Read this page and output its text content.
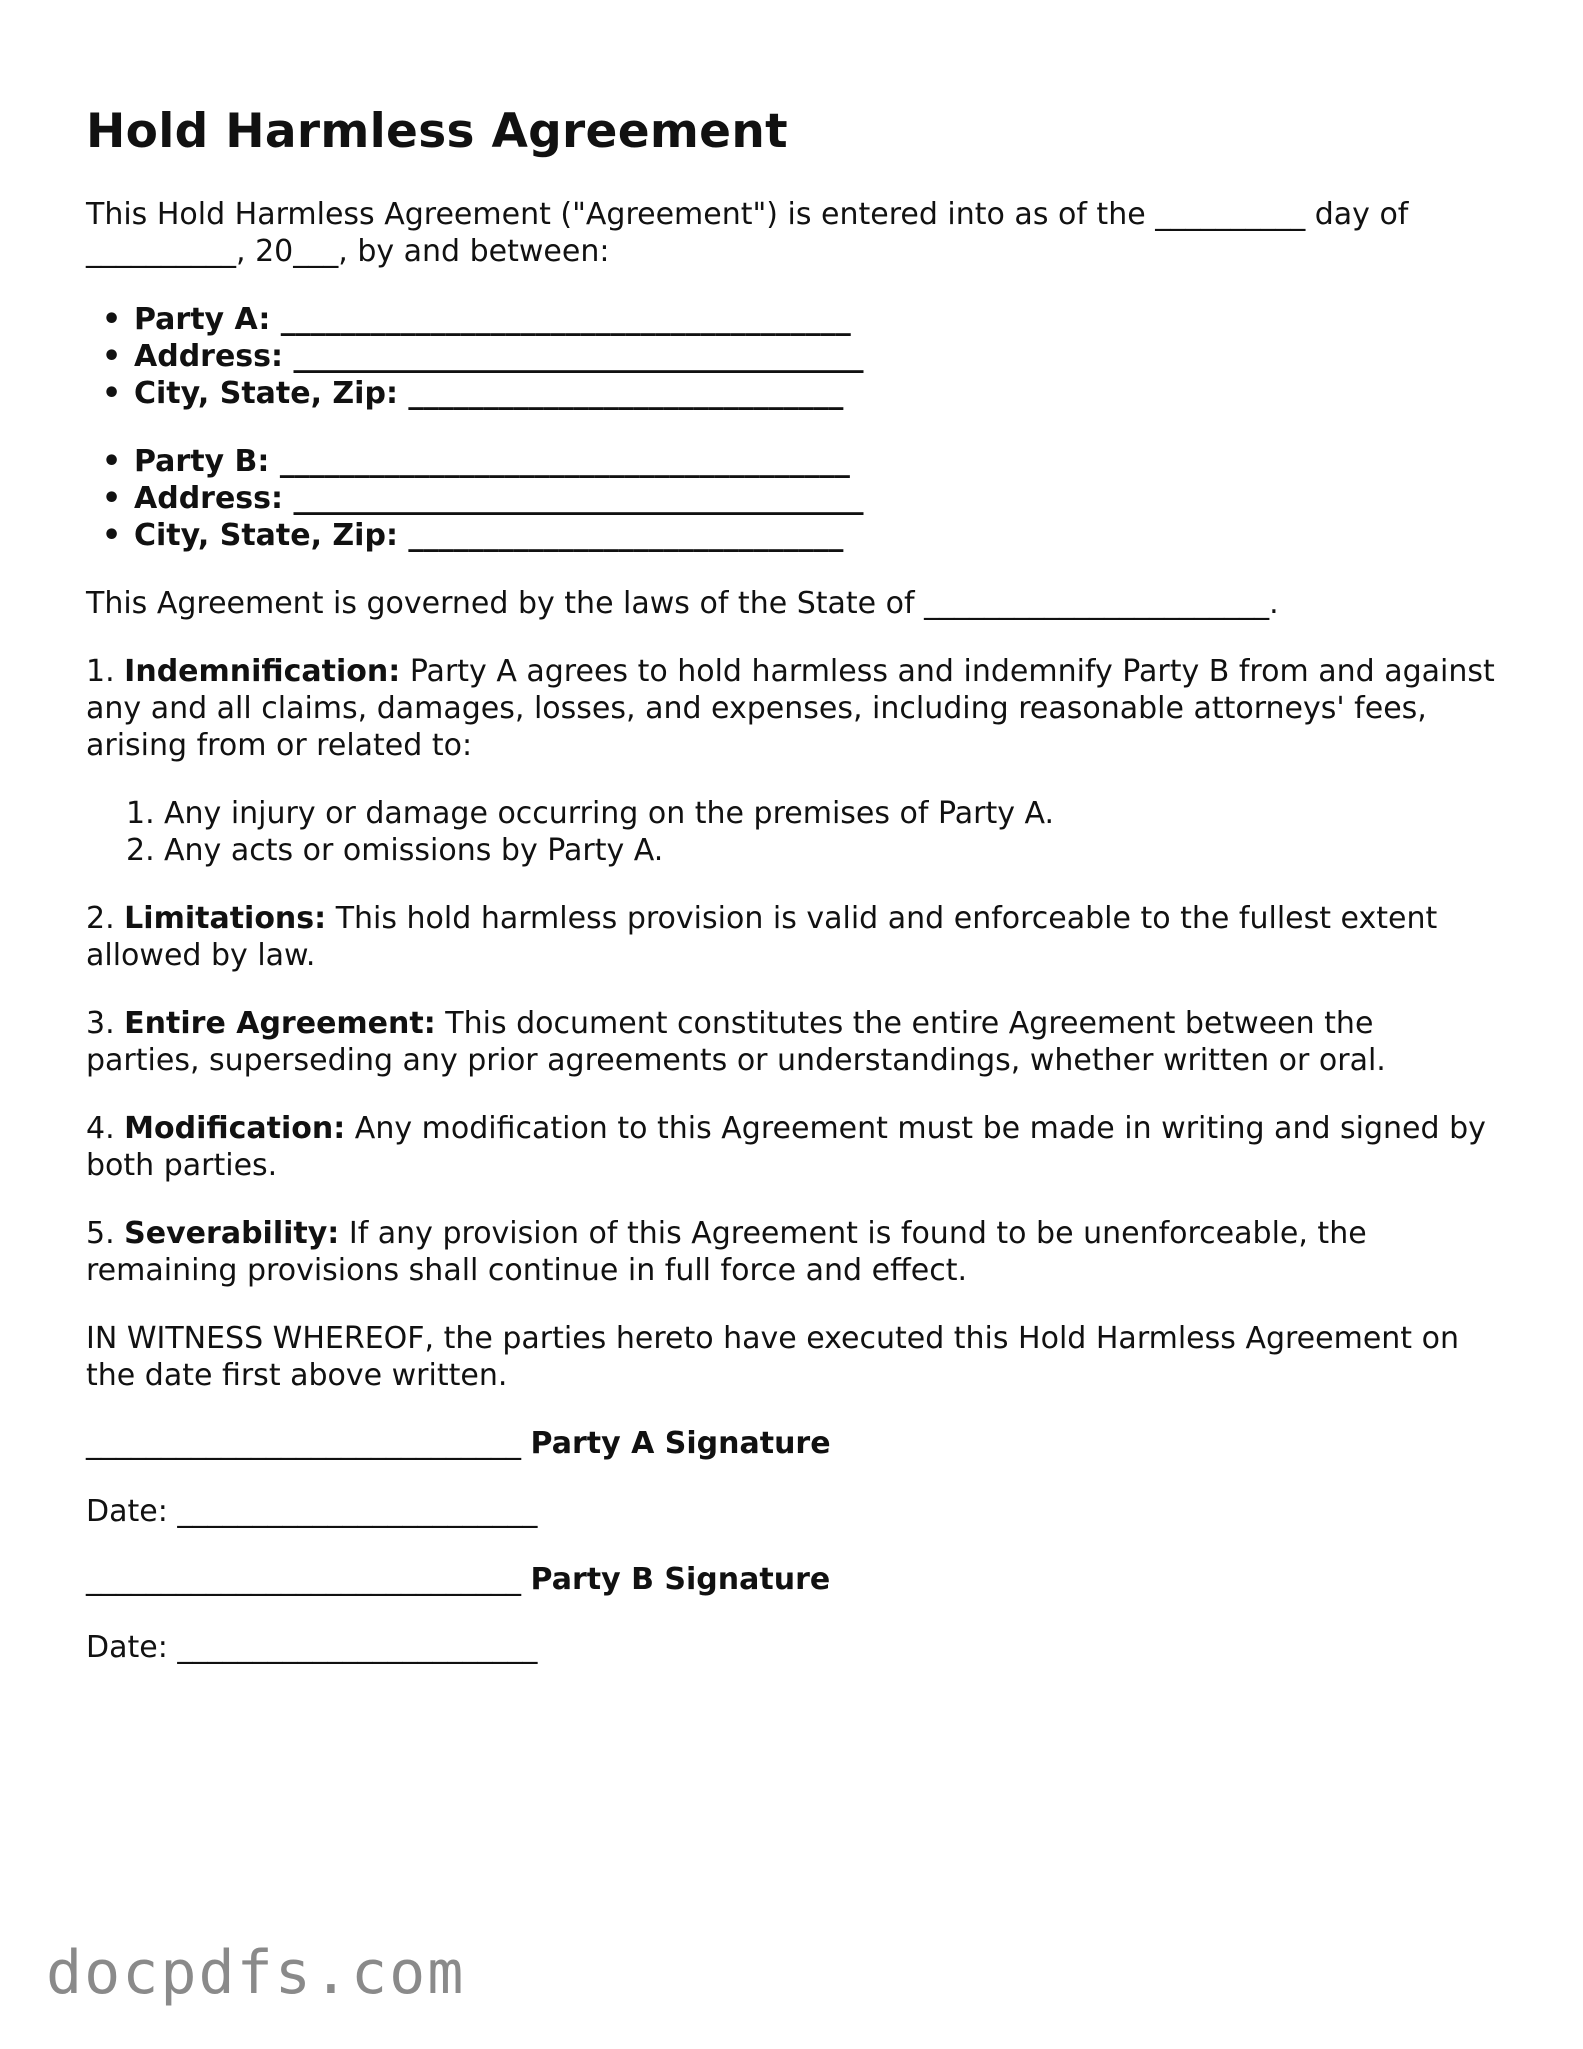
Hold Harmless Agreement

This Hold Harmless Agreement ("Agreement") is entered into as of the __________ day of __________, 20___, by and between:

• Party A: ______________________________________
• Address: ______________________________________
• City, State, Zip: _____________________________
• Party B: ______________________________________
• Address: ______________________________________
• City, State, Zip: _____________________________

This Agreement is governed by the laws of the State of _______________________.

1. Indemnification: Party A agrees to hold harmless and indemnify Party B from and against any and all claims, damages, losses, and expenses, including reasonable attorneys' fees, arising from or related to:

1. Any injury or damage occurring on the premises of Party A.
2. Any acts or omissions by Party A.

2. Limitations: This hold harmless provision is valid and enforceable to the fullest extent allowed by law.

3. Entire Agreement: This document constitutes the entire Agreement between the parties, superseding any prior agreements or understandings, whether written or oral.

4. Modification: Any modification to this Agreement must be made in writing and signed by both parties.

5. Severability: If any provision of this Agreement is found to be unenforceable, the remaining provisions shall continue in full force and effect.

IN WITNESS WHEREOF, the parties hereto have executed this Hold Harmless Agreement on the date first above written.

_____________________________ Party A Signature
Date: ________________________
_____________________________ Party B Signature
Date: ________________________
docpdfs.com
